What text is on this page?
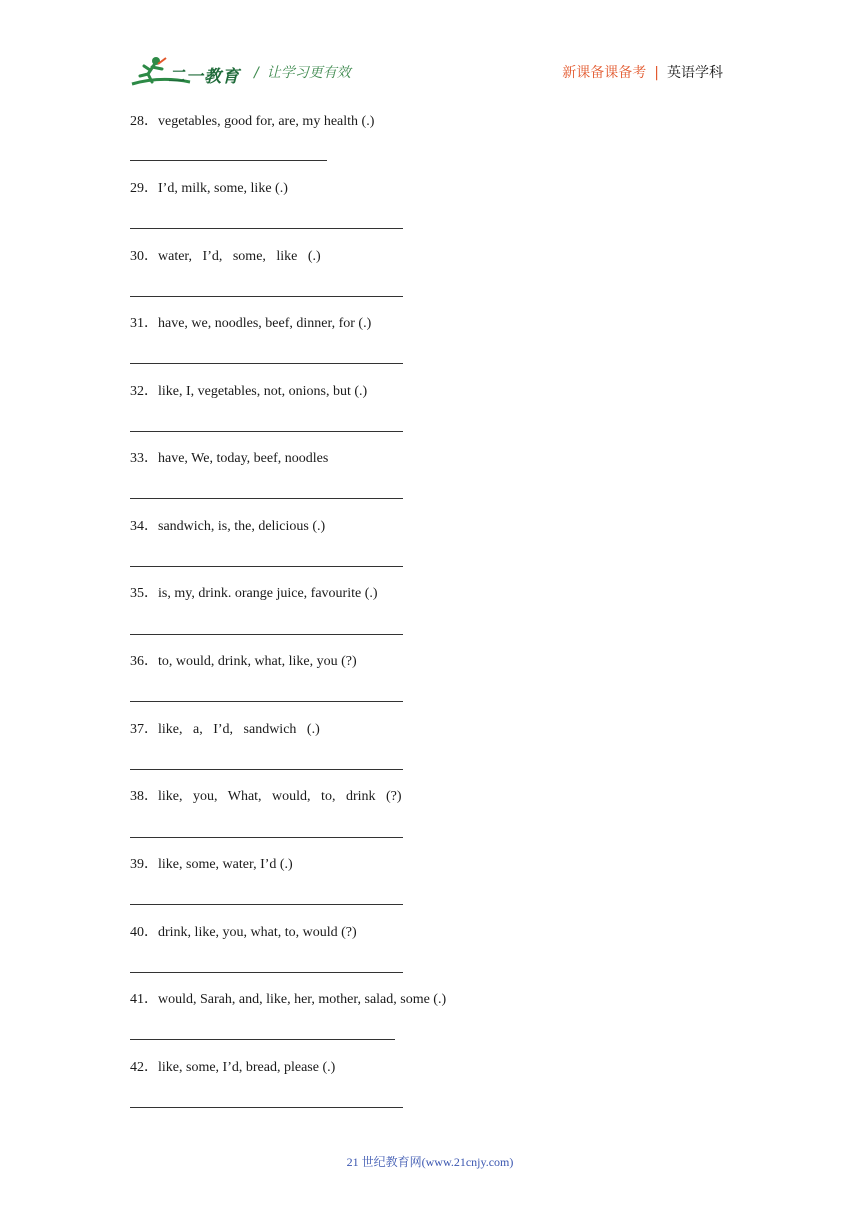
二一教育 / 让学习更有效	新课备课备考 | 英语学科
28．vegetables, good for, are, my health (.)
29．I’d, milk, some, like (.)
30．water,   I’d,   some,   like   (.)
31．have, we, noodles, beef, dinner, for (.)
32．like, I, vegetables, not, onions, but (.)
33．have, We, today, beef, noodles
34．sandwich, is, the, delicious (.)
35．is, my, drink. orange juice, favourite (.)
36．to, would, drink, what, like, you (?)
37．like,   a,   I’d,   sandwich   (.)
38．like,   you,   What,   would,   to,   drink   (?)
39．like, some, water, I’d (.)
40．drink, like, you, what, to, would (?)
41．would, Sarah, and, like, her, mother, salad, some (.)
42．like, some, I’d, bread, please (.)
21 世纪教育网(www.21cnjy.com)
